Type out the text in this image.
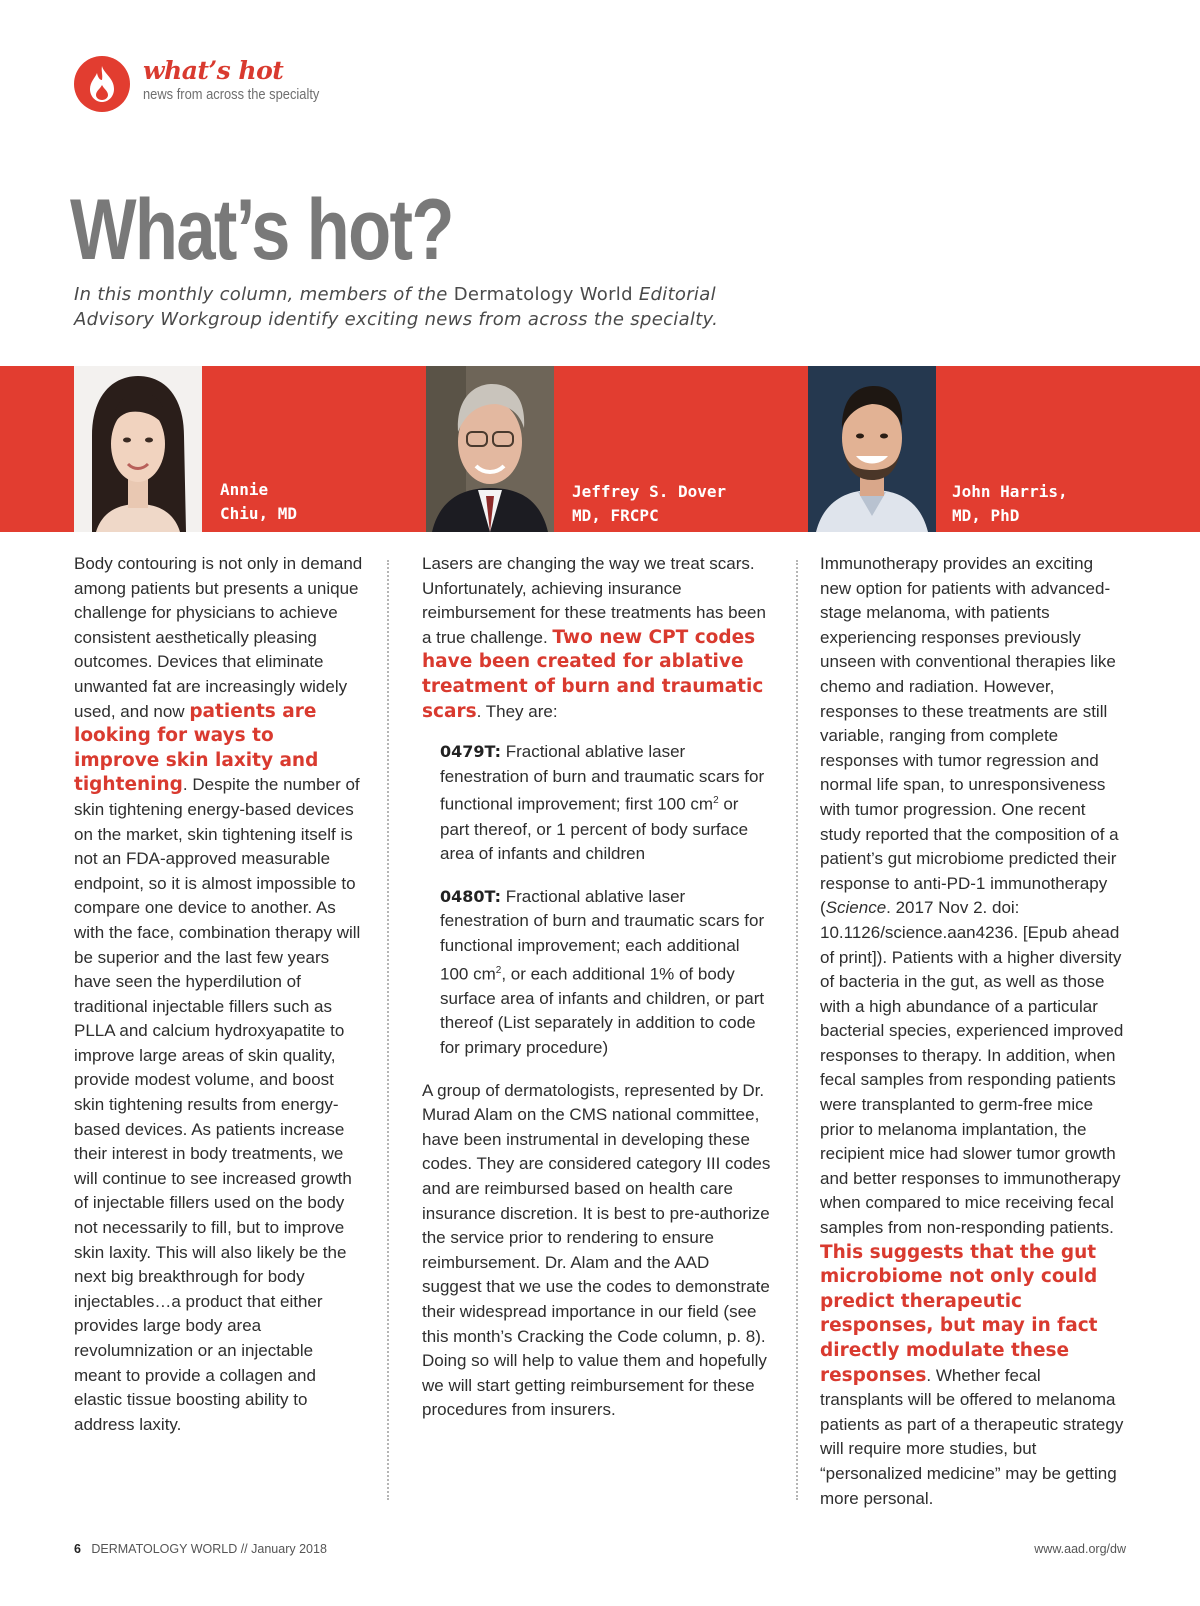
what’s hot
news from across the specialty
What’s hot?
In this monthly column, members of the Dermatology World Editorial Advisory Workgroup identify exciting news from across the specialty.
Annie
Chiu, MD
Jeffrey S. Dover
MD, FRCPC
John Harris,
MD, PhD

Body contouring is not only in demand among patients but presents a unique challenge for physicians to achieve consistent aesthetically pleasing outcomes. Devices that eliminate unwanted fat are increasingly widely used, and now patients are looking for ways to improve skin laxity and tightening. Despite the number of skin tightening energy-based devices on the market, skin tightening itself is not an FDA-approved measurable endpoint, so it is almost impossible to compare one device to another. As with the face, combination therapy will be superior and the last few years have seen the hyperdilution of traditional injectable fillers such as PLLA and calcium hydroxyapatite to improve large areas of skin quality, provide modest volume, and boost skin tightening results from energy-based devices. As patients increase their interest in body treatments, we will continue to see increased growth of injectable fillers used on the body not necessarily to fill, but to improve skin laxity. This will also likely be the next big breakthrough for body injectables…a product that either provides large body area revolumnization or an injectable meant to provide a collagen and elastic tissue boosting ability to address laxity.

Lasers are changing the way we treat scars. Unfortunately, achieving insurance reimbursement for these treatments has been a true challenge. Two new CPT codes have been created for ablative treatment of burn and traumatic scars. They are:

0479T: Fractional ablative laser fenestration of burn and traumatic scars for functional improvement; first 100 $cm^2$ or part thereof, or 1 percent of body surface area of infants and children
0480T: Fractional ablative laser fenestration of burn and traumatic scars for functional improvement; each additional 100 $cm^2$, or each additional 1% of body surface area of infants and children, or part thereof (List separately in addition to code for primary procedure)

A group of dermatologists, represented by Dr. Murad Alam on the CMS national committee, have been instrumental in developing these codes. They are considered category III codes and are reimbursed based on health care insurance discretion. It is best to pre-authorize the service prior to rendering to ensure reimbursement. Dr. Alam and the AAD suggest that we use the codes to demonstrate their widespread importance in our field (see this month’s Cracking the Code column, p. 8). Doing so will help to value them and hopefully we will start getting reimbursement for these procedures from insurers.

Immunotherapy provides an exciting new option for patients with advanced-stage melanoma, with patients experiencing responses previously unseen with conventional therapies like chemo and radiation. However, responses to these treatments are still variable, ranging from complete responses with tumor regression and normal life span, to unresponsiveness with tumor progression. One recent study reported that the composition of a patient’s gut microbiome predicted their response to anti-PD-1 immunotherapy (Science. 2017 Nov 2. doi: 10.1126/science.aan4236. [Epub ahead of print]). Patients with a higher diversity of bacteria in the gut, as well as those with a high abundance of a particular bacterial species, experienced improved responses to therapy. In addition, when fecal samples from responding patients were transplanted to germ-free mice prior to melanoma implantation, the recipient mice had slower tumor growth and better responses to immunotherapy when compared to mice receiving fecal samples from non-responding patients. This suggests that the gut microbiome not only could predict therapeutic responses, but may in fact directly modulate these responses. Whether fecal transplants will be offered to melanoma patients as part of a therapeutic strategy will require more studies, but “personalized medicine” may be getting more personal.

6 DERMATOLOGY WORLD // January 2018	www.aad.org/dw
